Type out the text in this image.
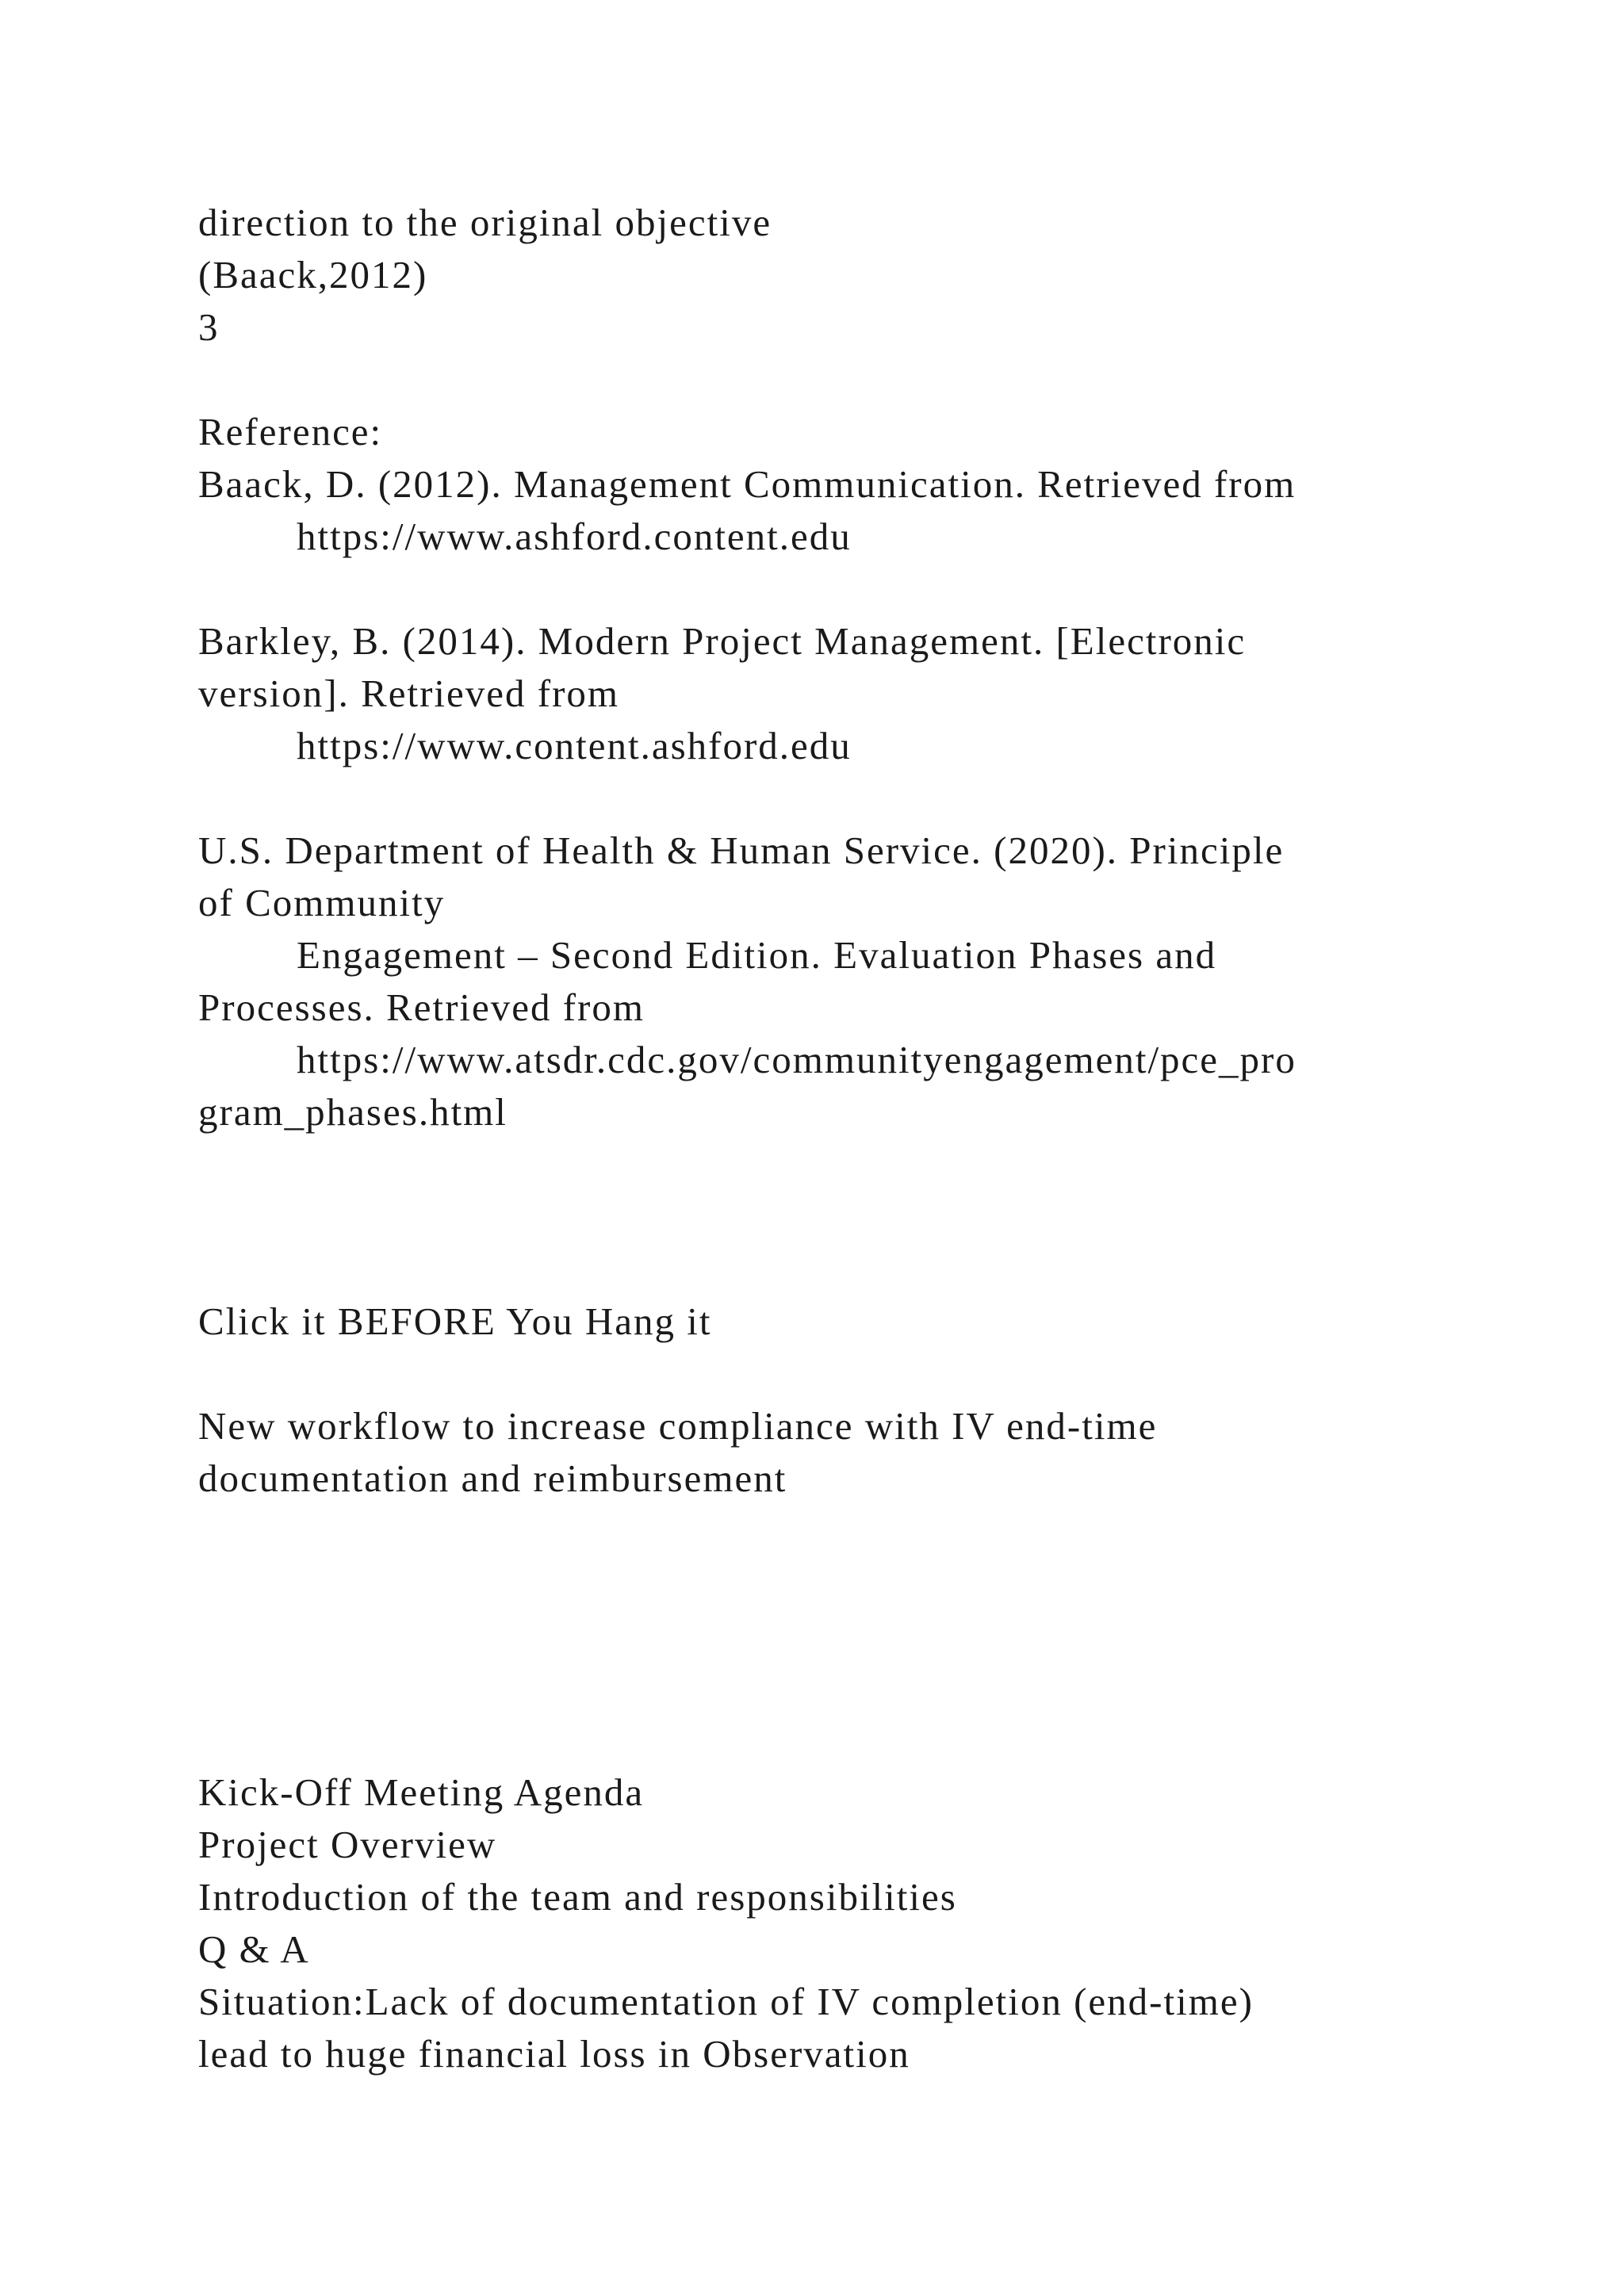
direction to the original objective
(Baack,2012)
3
Reference:
Baack, D. (2012). Management Communication. Retrieved from
https://www.ashford.content.edu
Barkley, B. (2014). Modern Project Management. [Electronic
version]. Retrieved from
https://www.content.ashford.edu
U.S. Department of Health & Human Service. (2020). Principle
of Community
Engagement – Second Edition. Evaluation Phases and
Processes. Retrieved from
https://www.atsdr.cdc.gov/communityengagement/pce_pro
gram_phases.html
Click it BEFORE You Hang it
New workflow to increase compliance with IV end-time
documentation and reimbursement
Kick-Off Meeting Agenda
Project Overview
Introduction of the team and responsibilities
Q & A
Situation:Lack of documentation of IV completion (end-time)
lead to huge financial loss in Observation
